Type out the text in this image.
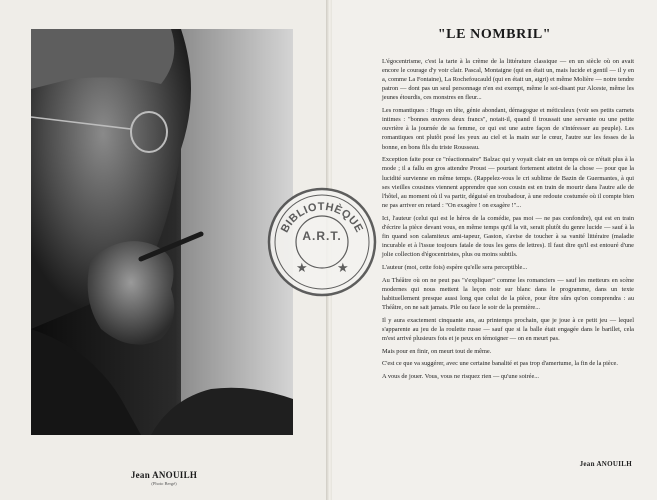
Jean ANOUILH
(Photo Bergé)
"LE NOMBRIL"

L'égocentrisme, c'est la tarte à la crème de la littérature classique — en un siècle où on avait encore le courage d'y voir clair. Pascal, Montaigne (qui en était un, mais lucide et gentil — il y en a, comme La Fontaine), La Rochefoucauld (qui en était un, aigri) et même Molière — notre tendre patron — dont pas un seul personnage n'en est exempt, même le soi-disant pur Alceste, même les jeunes étourdis, ces monstres en fleur...

Les romantiques : Hugo en tête, génie abondant, démagogue et méticuleux (voir ses petits carnets intimes : "bonnes œuvres deux francs", notait-il, quand il troussait une servante ou une petite ouvrière à la journée de sa femme, ce qui est une autre façon de s'intéresser au peuple). Les romantiques ont plutôt posé les yeux au ciel et la main sur le cœur, l'autre sur les fesses de la bonne, en bons fils du triste Rousseau.

Exception faite pour ce "réactionnaire" Balzac qui y voyait clair en un temps où ce n'était plus à la mode ; il a fallu en gros attendre Proust — pourtant fortement atteint de la chose — pour que la lucidité survienne en même temps. (Rappelez-vous le cri sublime de Bazin de Guermantes, à qui ses vieilles cousines viennent apprendre que son cousin est en train de mourir dans l'autre aile de l'hôtel, au moment où il va partir, déguisé en troubadour, à une redoute costumée où il compte bien ne pas arriver en retard : "On exagère ! on exagère !"...

Ici, l'auteur (celui qui est le héros de la comédie, pas moi — ne pas confondre), qui est en train d'écrire la pièce devant vous, en même temps qu'il la vit, serait plutôt du genre lucide — sauf à la fin quand son calamiteux ami-tapeur, Gaston, s'avise de toucher à sa vanité littéraire (maladie incurable et à l'issue toujours fatale de tous les gens de lettres). Il faut dire qu'il est entouré d'une jolie collection d'égocentristes, plus ou moins subtils.

L'auteur (moi, cette fois) espère qu'elle sera perceptible...

Au Théâtre où on ne peut pas "s'expliquer" comme les romanciers — sauf les metteurs en scène modernes qui nous mettent la leçon noir sur blanc dans le programme, dans un texte habituellement presque aussi long que celui de la pièce, pour être sûrs qu'on comprendra : au Théâtre, on ne sait jamais. Pile ou face le soir de la première...

Il y aura exactement cinquante ans, au printemps prochain, que je joue à ce petit jeu — lequel s'apparente au jeu de la roulette russe — sauf que si la balle était engagée dans le barillet, cela m'est arrivé plusieurs fois et je peux en témoigner — on en meurt pas.

Mais pour en finir, on meurt tout de même.

C'est ce que va suggérer, avec une certaine banalité et pas trop d'amertume, la fin de la pièce.

A vous de jouer. Vous, vous ne risquez rien — qu'une soirée...

Jean ANOUILH
BIBLIOTHÈQUE
★ ★
A.R.T.
